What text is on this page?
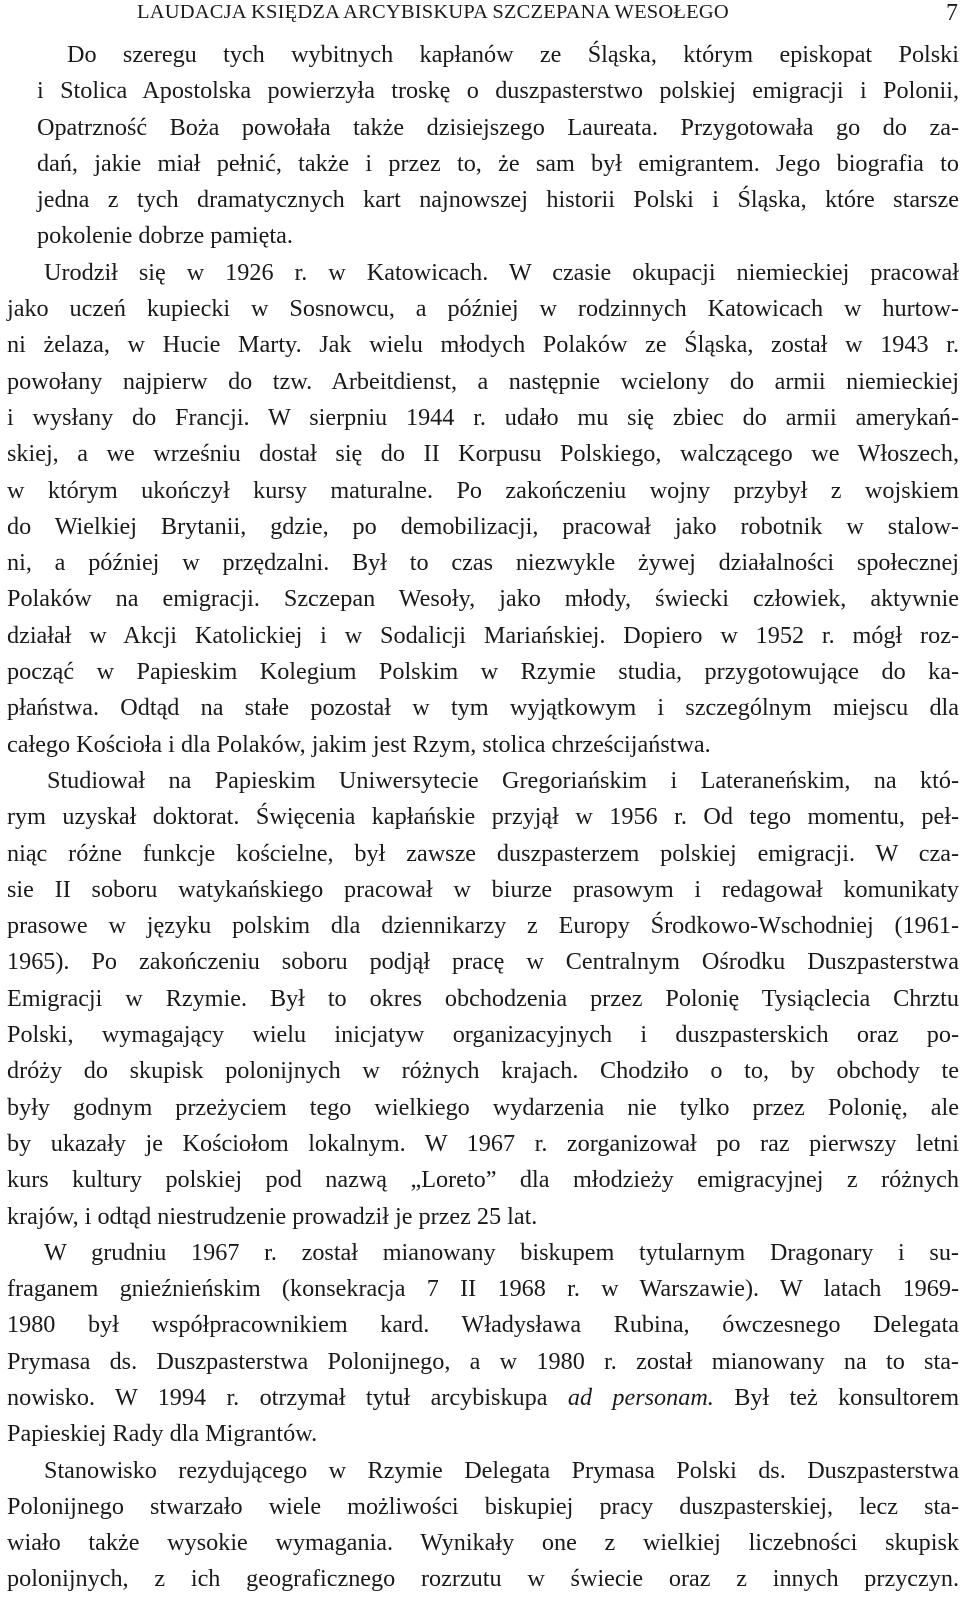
LAUDACJA KSIĘDZA ARCYBISKUPA SZCZEPANA WESOŁEGO	7

Do szeregu tych wybitnych kapłanów ze Śląska, którym episkopat Polski
i Stolica Apostolska powierzyła troskę o duszpasterstwo polskiej emigracji i Polonii,
Opatrzność Boża powołała także dzisiejszego Laureata. Przygotowała go do za-
dań, jakie miał pełnić, także i przez to, że sam był emigrantem. Jego biografia to
jedna z tych dramatycznych kart najnowszej historii Polski i Śląska, które starsze
pokolenie dobrze pamięta.

Urodził się w 1926 r. w Katowicach. W czasie okupacji niemieckiej pracował
jako uczeń kupiecki w Sosnowcu, a później w rodzinnych Katowicach w hurtow-
ni żelaza, w Hucie Marty. Jak wielu młodych Polaków ze Śląska, został w 1943 r.
powołany najpierw do tzw. Arbeitdienst, a następnie wcielony do armii niemieckiej
i wysłany do Francji. W sierpniu 1944 r. udało mu się zbiec do armii amerykań-
skiej, a we wrześniu dostał się do II Korpusu Polskiego, walczącego we Włoszech,
w którym ukończył kursy maturalne. Po zakończeniu wojny przybył z wojskiem
do Wielkiej Brytanii, gdzie, po demobilizacji, pracował jako robotnik w stalow-
ni, a później w przędzalni. Był to czas niezwykle żywej działalności społecznej
Polaków na emigracji. Szczepan Wesoły, jako młody, świecki człowiek, aktywnie
działał w Akcji Katolickiej i w Sodalicji Mariańskiej. Dopiero w 1952 r. mógł roz-
począć w Papieskim Kolegium Polskim w Rzymie studia, przygotowujące do ka-
płaństwa. Odtąd na stałe pozostał w tym wyjątkowym i szczególnym miejscu dla
całego Kościoła i dla Polaków, jakim jest Rzym, stolica chrześcijaństwa.

Studiował na Papieskim Uniwersytecie Gregoriańskim i Lateraneńskim, na któ-
rym uzyskał doktorat. Święcenia kapłańskie przyjął w 1956 r. Od tego momentu, peł-
niąc różne funkcje kościelne, był zawsze duszpasterzem polskiej emigracji. W cza-
sie II soboru watykańskiego pracował w biurze prasowym i redagował komunikaty
prasowe w języku polskim dla dziennikarzy z Europy Środkowo-Wschodniej (1961-
1965). Po zakończeniu soboru podjął pracę w Centralnym Ośrodku Duszpasterstwa
Emigracji w Rzymie. Był to okres obchodzenia przez Polonię Tysiąclecia Chrztu
Polski, wymagający wielu inicjatyw organizacyjnych i duszpasterskich oraz po-
dróży do skupisk polonijnych w różnych krajach. Chodziło o to, by obchody te
były godnym przeżyciem tego wielkiego wydarzenia nie tylko przez Polonię, ale
by ukazały je Kościołom lokalnym. W 1967 r. zorganizował po raz pierwszy letni
kurs kultury polskiej pod nazwą „Loreto” dla młodzieży emigracyjnej z różnych
krajów, i odtąd niestrudzenie prowadził je przez 25 lat.

W grudniu 1967 r. został mianowany biskupem tytularnym Dragonary i su-
fraganem gnieźnieńskim (konsekracja 7 II 1968 r. w Warszawie). W latach 1969-
1980 był współpracownikiem kard. Władysława Rubina, ówczesnego Delegata
Prymasa ds. Duszpasterstwa Polonijnego, a w 1980 r. został mianowany na to sta-
nowisko. W 1994 r. otrzymał tytuł arcybiskupa ad personam. Był też konsultorem
Papieskiej Rady dla Migrantów.

Stanowisko rezydującego w Rzymie Delegata Prymasa Polski ds. Duszpasterstwa
Polonijnego stwarzało wiele możliwości biskupiej pracy duszpasterskiej, lecz sta-
wiało także wysokie wymagania. Wynikały one z wielkiej liczebności skupisk
polonijnych, z ich geograficznego rozrzutu w świecie oraz z innych przyczyn.
